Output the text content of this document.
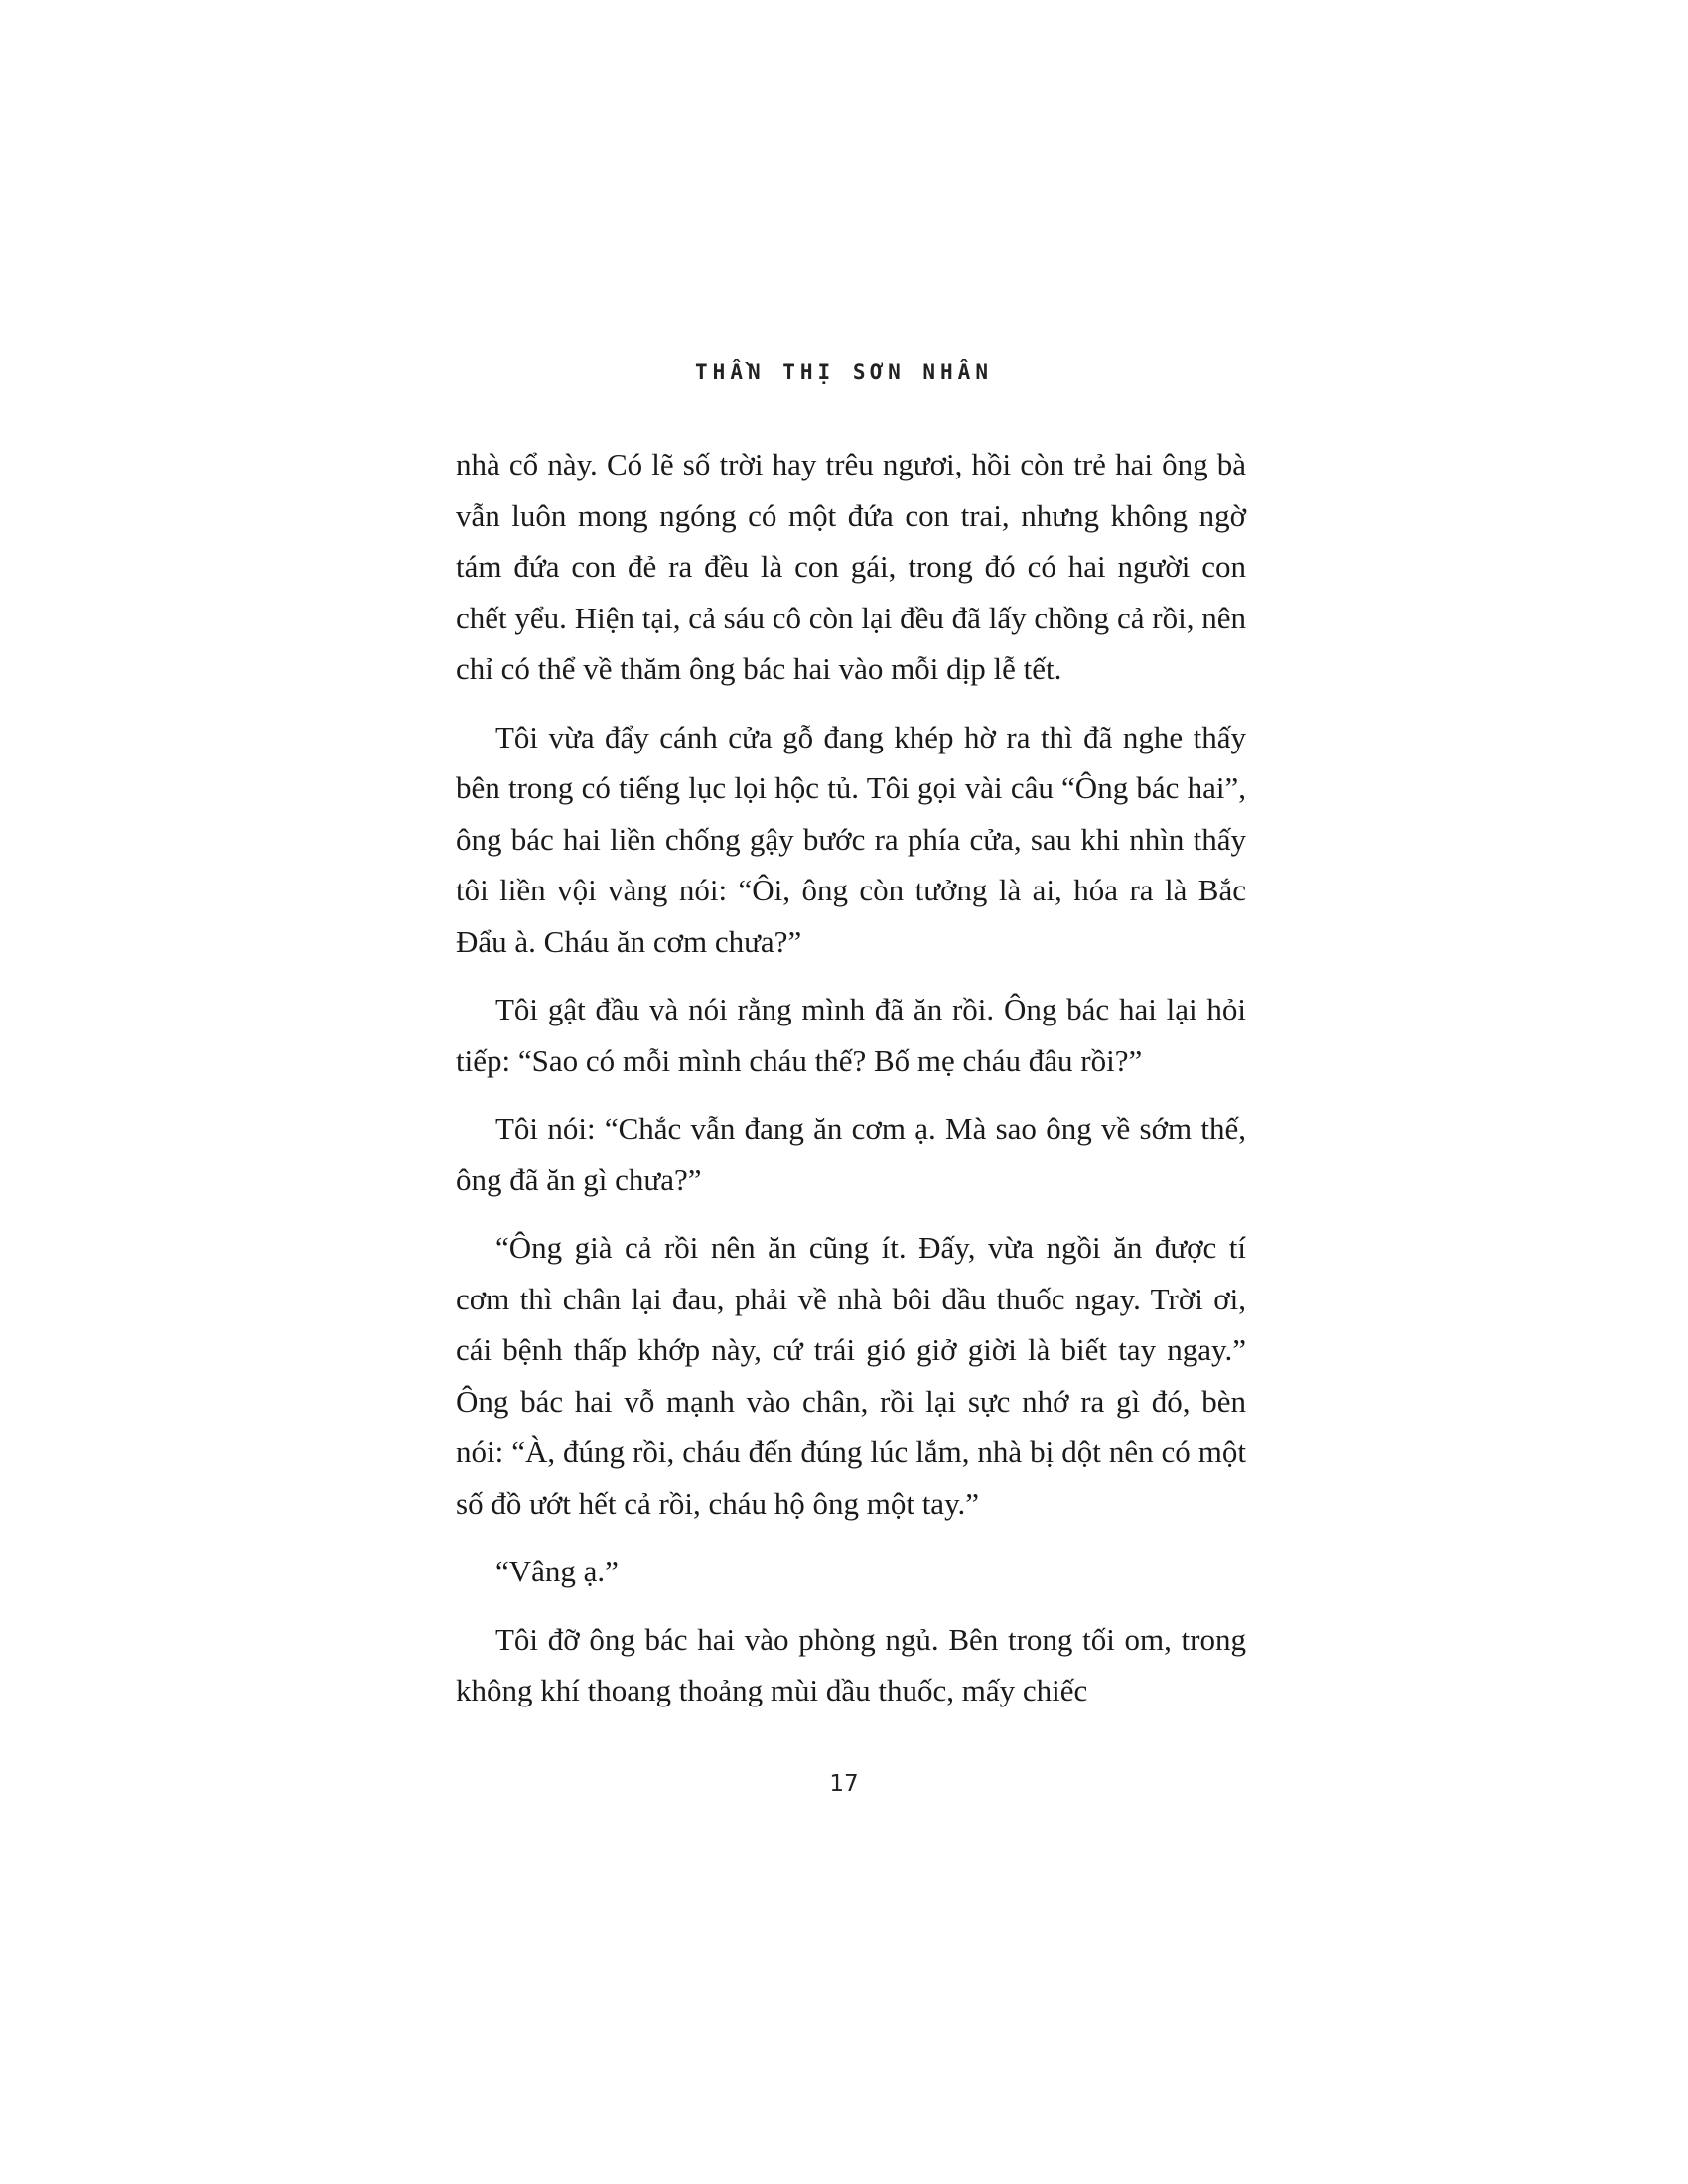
THẦN THỊ SƠN NHÂN

nhà cổ này. Có lẽ số trời hay trêu ngươi, hồi còn trẻ hai ông bà vẫn luôn mong ngóng có một đứa con trai, nhưng không ngờ tám đứa con đẻ ra đều là con gái, trong đó có hai người con chết yểu. Hiện tại, cả sáu cô còn lại đều đã lấy chồng cả rồi, nên chỉ có thể về thăm ông bác hai vào mỗi dịp lễ tết.

Tôi vừa đẩy cánh cửa gỗ đang khép hờ ra thì đã nghe thấy bên trong có tiếng lục lọi hộc tủ. Tôi gọi vài câu “Ông bác hai”, ông bác hai liền chống gậy bước ra phía cửa, sau khi nhìn thấy tôi liền vội vàng nói: “Ôi, ông còn tưởng là ai, hóa ra là Bắc Đẩu à. Cháu ăn cơm chưa?”

Tôi gật đầu và nói rằng mình đã ăn rồi. Ông bác hai lại hỏi tiếp: “Sao có mỗi mình cháu thế? Bố mẹ cháu đâu rồi?”

Tôi nói: “Chắc vẫn đang ăn cơm ạ. Mà sao ông về sớm thế, ông đã ăn gì chưa?”

“Ông già cả rồi nên ăn cũng ít. Đấy, vừa ngồi ăn được tí cơm thì chân lại đau, phải về nhà bôi dầu thuốc ngay. Trời ơi, cái bệnh thấp khớp này, cứ trái gió giở giời là biết tay ngay.” Ông bác hai vỗ mạnh vào chân, rồi lại sực nhớ ra gì đó, bèn nói: “À, đúng rồi, cháu đến đúng lúc lắm, nhà bị dột nên có một số đồ ướt hết cả rồi, cháu hộ ông một tay.”

“Vâng ạ.”

Tôi đỡ ông bác hai vào phòng ngủ. Bên trong tối om, trong không khí thoang thoảng mùi dầu thuốc, mấy chiếc

17
